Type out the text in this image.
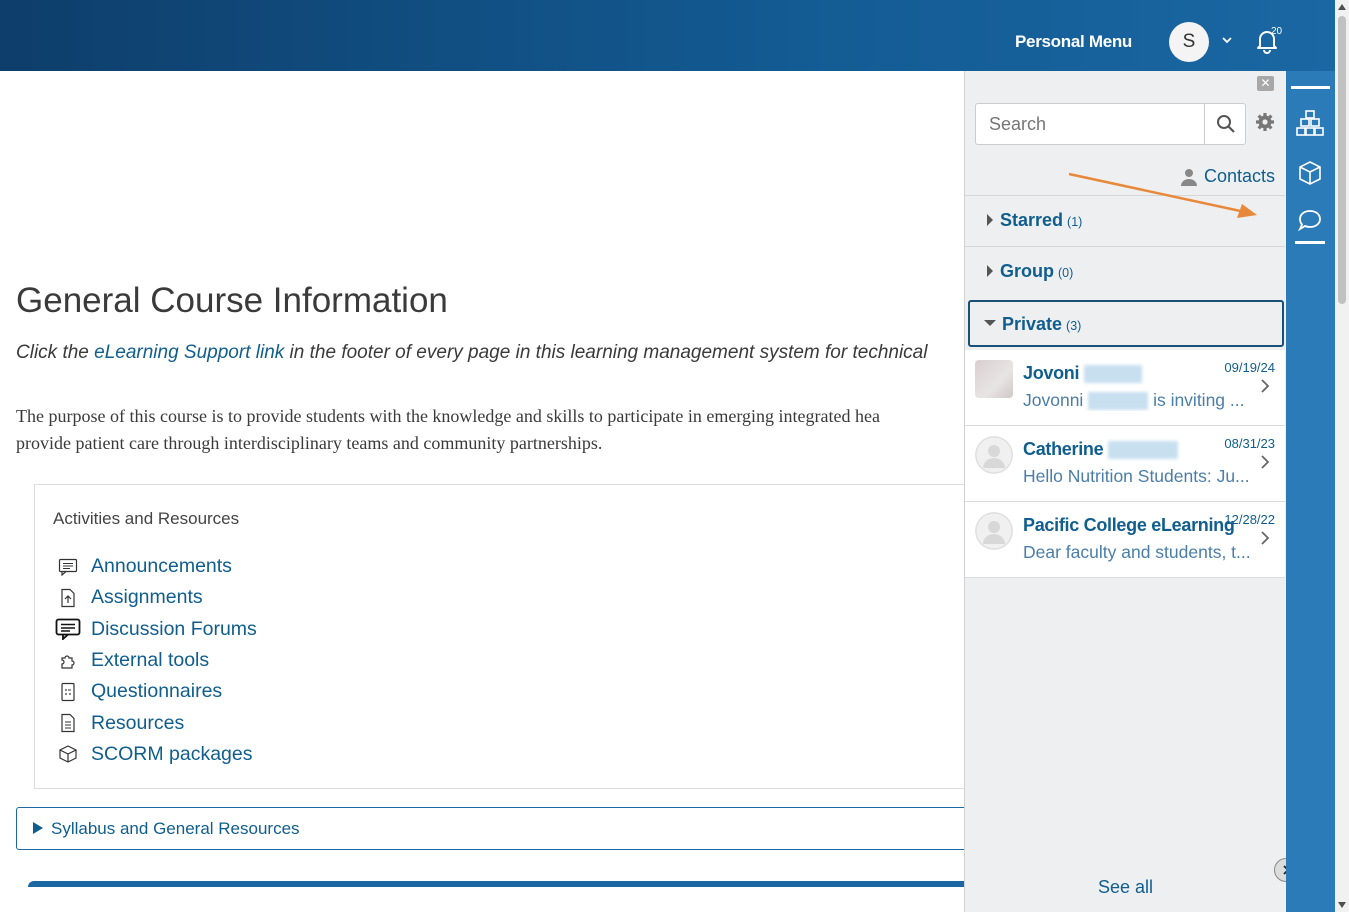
Personal Menu	S	20
General Course Information

Click the eLearning Support link in the footer of every page in this learning management system for technical

The purpose of this course is to provide students with the knowledge and skills to participate in emerging integrated hea
provide patient care through interdisciplinary teams and community partnerships.
Activities and Resources
Announcements
Assignments
Discussion Forums
External tools
Questionnaires
Resources
SCORM packages
Syllabus and General Resources
✕
Search
Contacts
Starred (1)
Group (0)
Private (3)
Jovoni	09/19/24
Jovonni	is inviting ...
Catherine	08/31/23
Hello Nutrition Students: Ju...
Pacific College eLearning
12/28/22
Dear faculty and students, t...
See all
